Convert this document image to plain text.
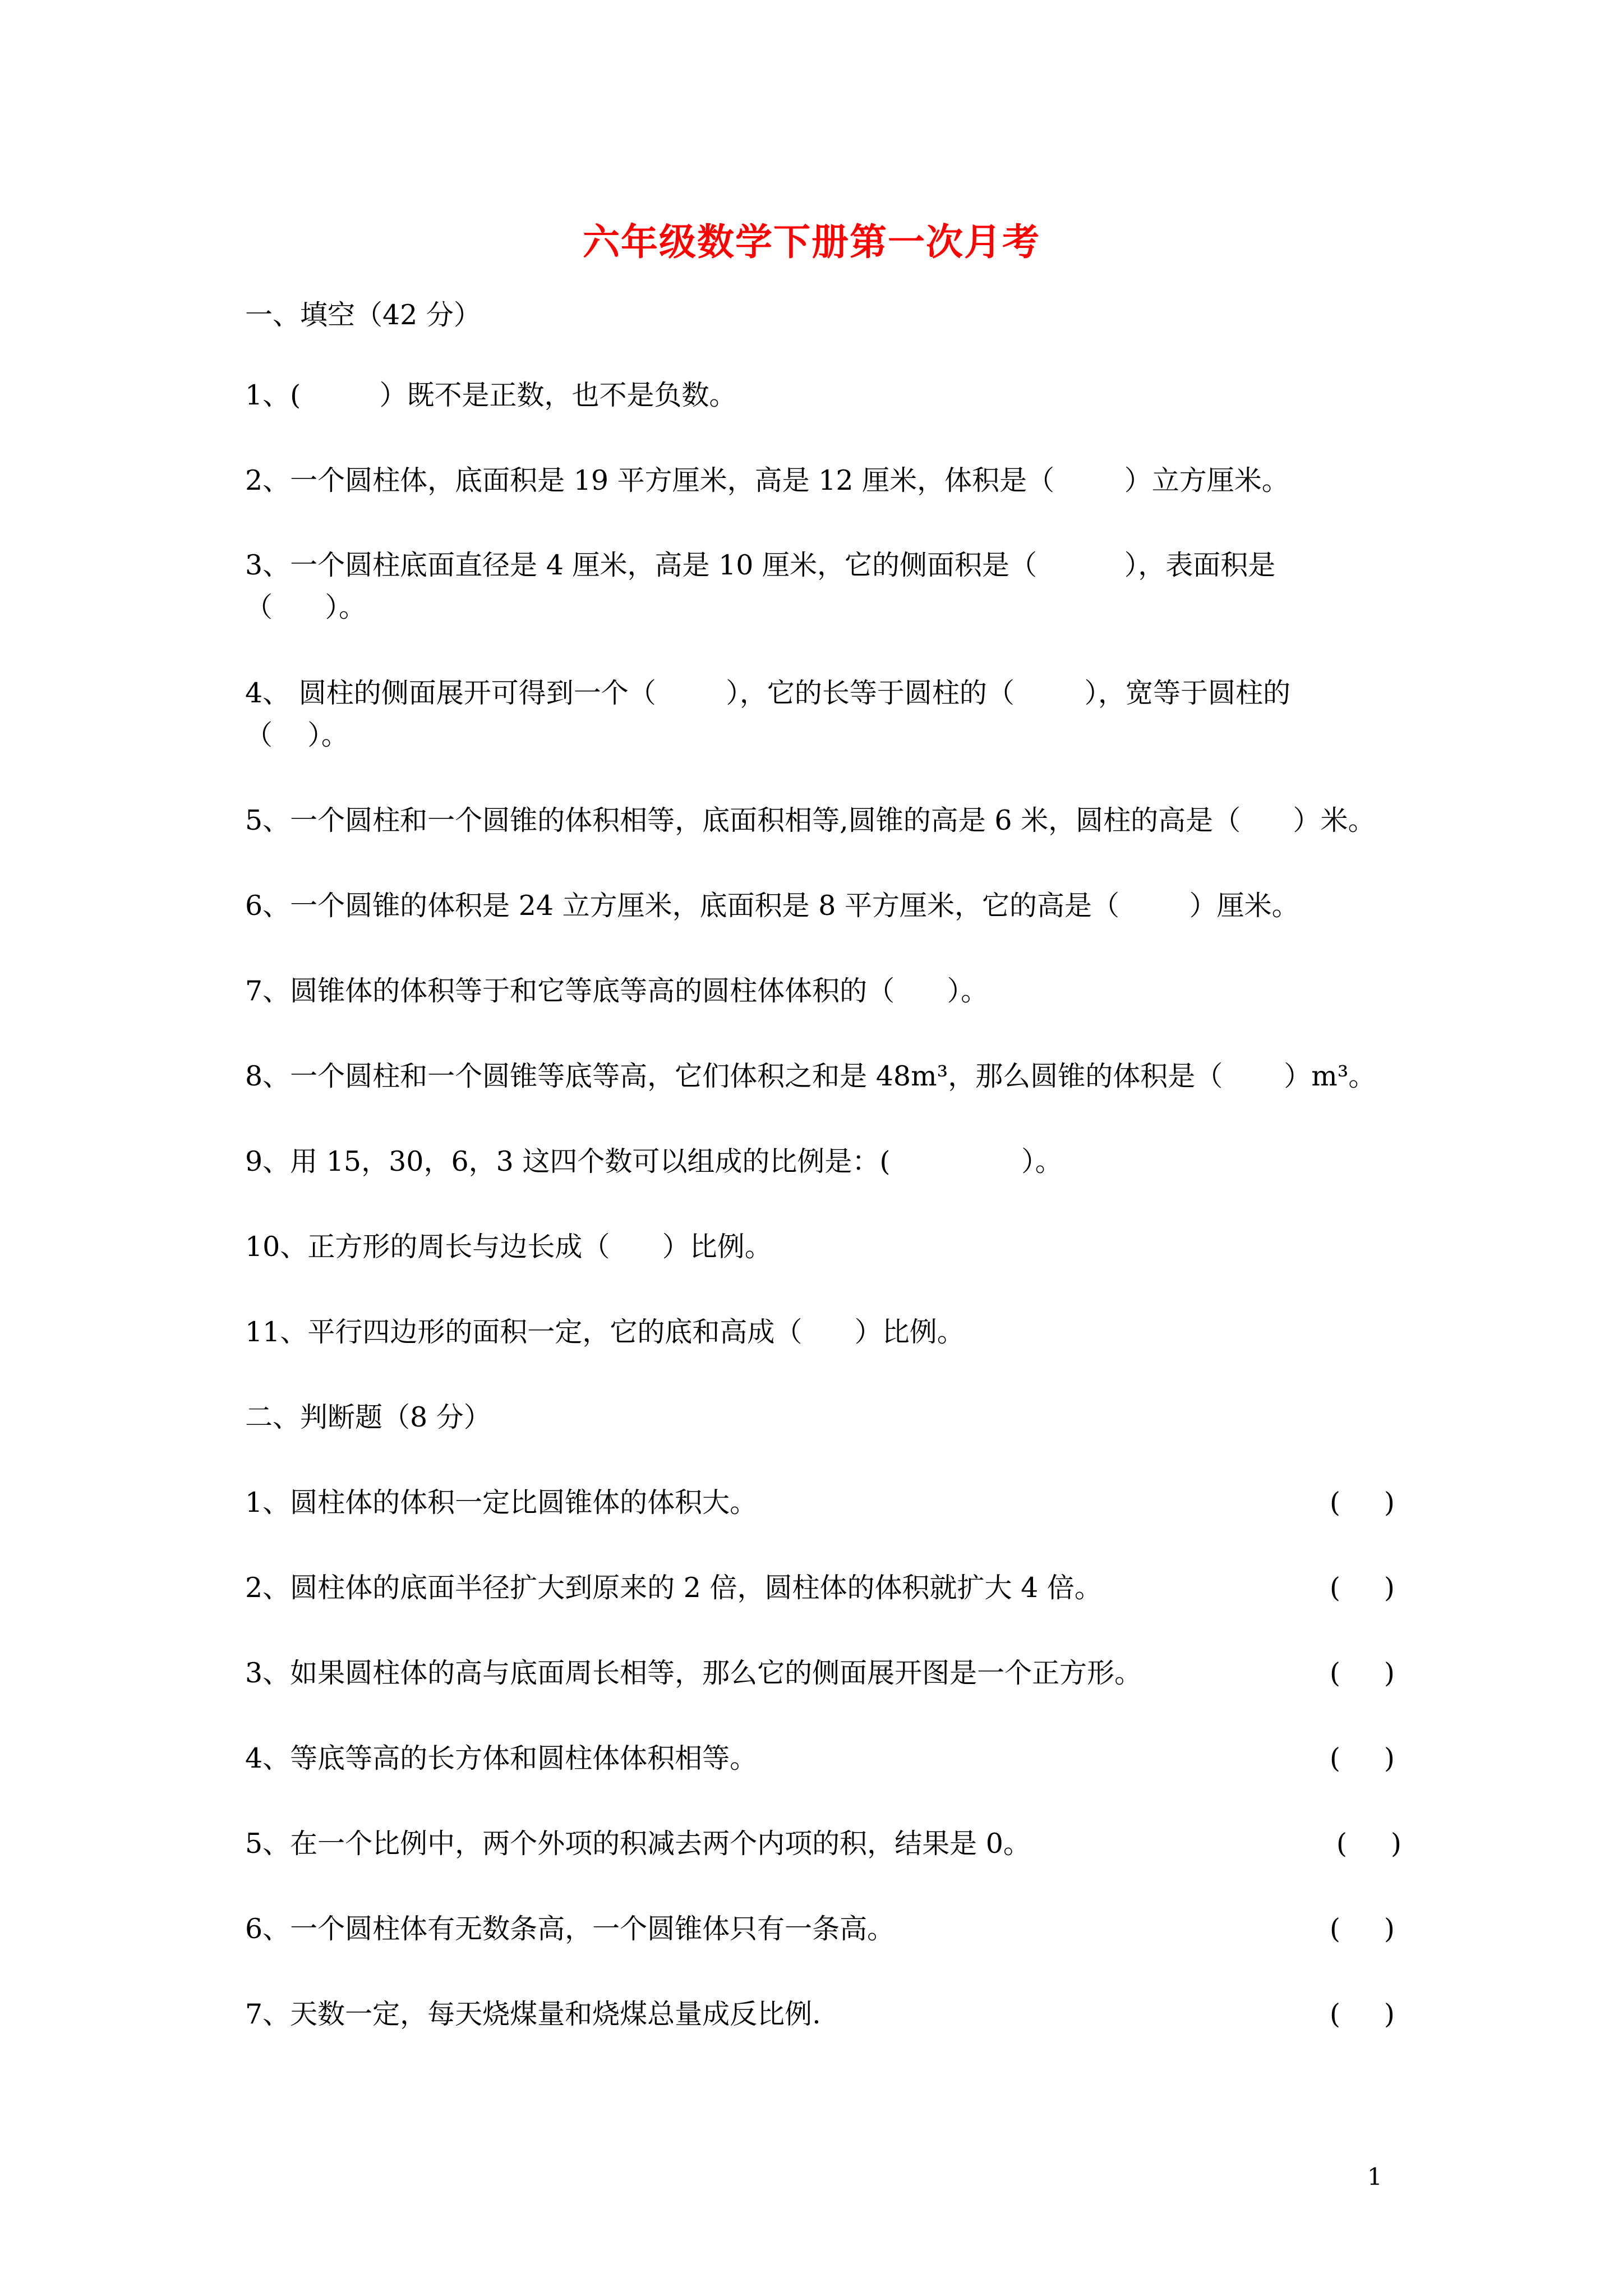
六年级数学下册第一次月考
一、填空（42 分）
1、(         ）既不是正数，也不是负数。
2、一个圆柱体，底面积是 19 平方厘米，高是 12 厘米，体积是（        ）立方厘米。
3、一个圆柱底面直径是 4 厘米，高是 10 厘米，它的侧面积是（          ），表面积是
（      ）。
4、 圆柱的侧面展开可得到一个（        ），它的长等于圆柱的（        ），宽等于圆柱的
（    ）。
5、一个圆柱和一个圆锥的体积相等，底面积相等,圆锥的高是 6 米，圆柱的高是（      ）米。
6、一个圆锥的体积是 24 立方厘米，底面积是 8 平方厘米，它的高是（        ）厘米。
7、圆锥体的体积等于和它等底等高的圆柱体体积的（      ）。
8、一个圆柱和一个圆锥等底等高，它们体积之和是 48m³，那么圆锥的体积是（       ）m³。
9、用 15，30，6，3 这四个数可以组成的比例是：(               ）。
10、正方形的周长与边长成（      ）比例。
11、平行四边形的面积一定，它的底和高成（      ）比例。
二、判断题（8 分）
1、圆柱体的体积一定比圆锥体的体积大。	(     )
2、圆柱体的底面半径扩大到原来的 2 倍，圆柱体的体积就扩大 4 倍。	(     )
3、如果圆柱体的高与底面周长相等，那么它的侧面展开图是一个正方形。	(     )
4、等底等高的长方体和圆柱体体积相等。	(     )
5、在一个比例中，两个外项的积减去两个内项的积，结果是 0。	(     )
6、一个圆柱体有无数条高，一个圆锥体只有一条高。	(     )
7、天数一定，每天烧煤量和烧煤总量成反比例.	(     )
1
